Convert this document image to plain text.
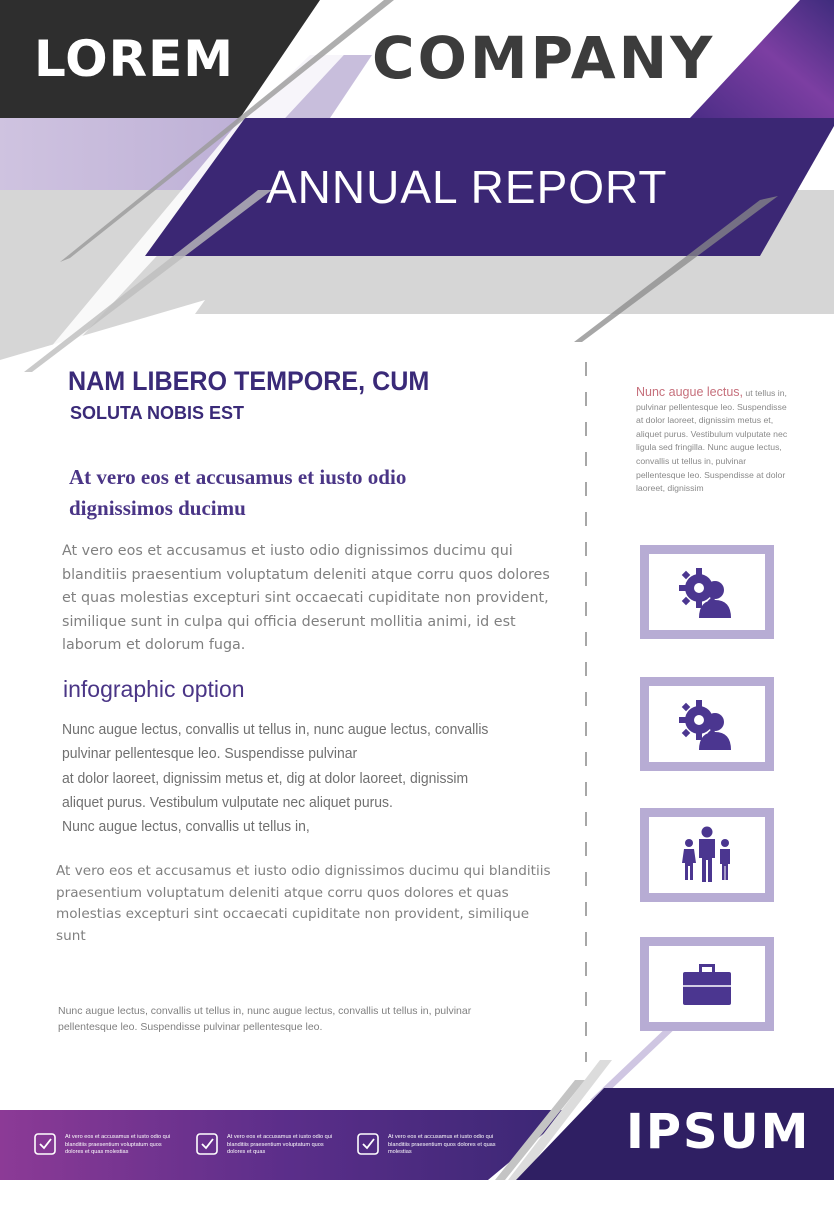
LOREM COMPANY
ANNUAL REPORT
NAM LIBERO TEMPORE, CUM
SOLUTA NOBIS EST
At vero eos et accusamus et iusto odio dignissimos ducimu
At vero eos et accusamus et iusto odio dignissimos ducimu qui blanditiis praesentium voluptatum deleniti atque corru quos dolores et quas molestias excepturi sint occaecati cupiditate non provident, similique sunt in culpa qui officia deserunt mollitia animi, id est laborum et dolorum fuga.
infographic option
Nunc augue lectus, convallis ut tellus in, nunc augue lectus, convallis
pulvinar pellentesque leo. Suspendisse pulvinar
at dolor laoreet, dignissim metus et, dig at dolor laoreet, dignissim
aliquet purus. Vestibulum vulputate nec aliquet purus.
Nunc augue lectus, convallis ut tellus in,
At vero eos et accusamus et iusto odio dignissimos ducimu qui blanditiis praesentium voluptatum deleniti atque corru quos dolores et quas molestias excepturi sint occaecati cupiditate non provident, similique sunt
Nunc augue lectus, convallis ut tellus in, nunc augue lectus, convallis ut tellus in, pulvinar pellentesque leo. Suspendisse pulvinar pellentesque leo.
Nunc augue lectus, ut tellus in, pulvinar pellentesque leo. Suspendisse at dolor laoreet, dignissim metus et, aliquet purus. Vestibulum vulputate nec ligula sed fringilla. Nunc augue lectus, convallis ut tellus in, pulvinar pellentesque leo. Suspendisse at dolor laoreet, dignissim
At vero eos et accusamus et iusto odio qui blanditiis praesentium voluptatum quos dolores et quas molestias
At vero eos et accusamus et iusto odio qui blanditiis praesentium voluptatum quos dolores et quas
At vero eos et accusamus et iusto odio qui blanditiis praesentium quos dolores et quas molestias	IPSUM
